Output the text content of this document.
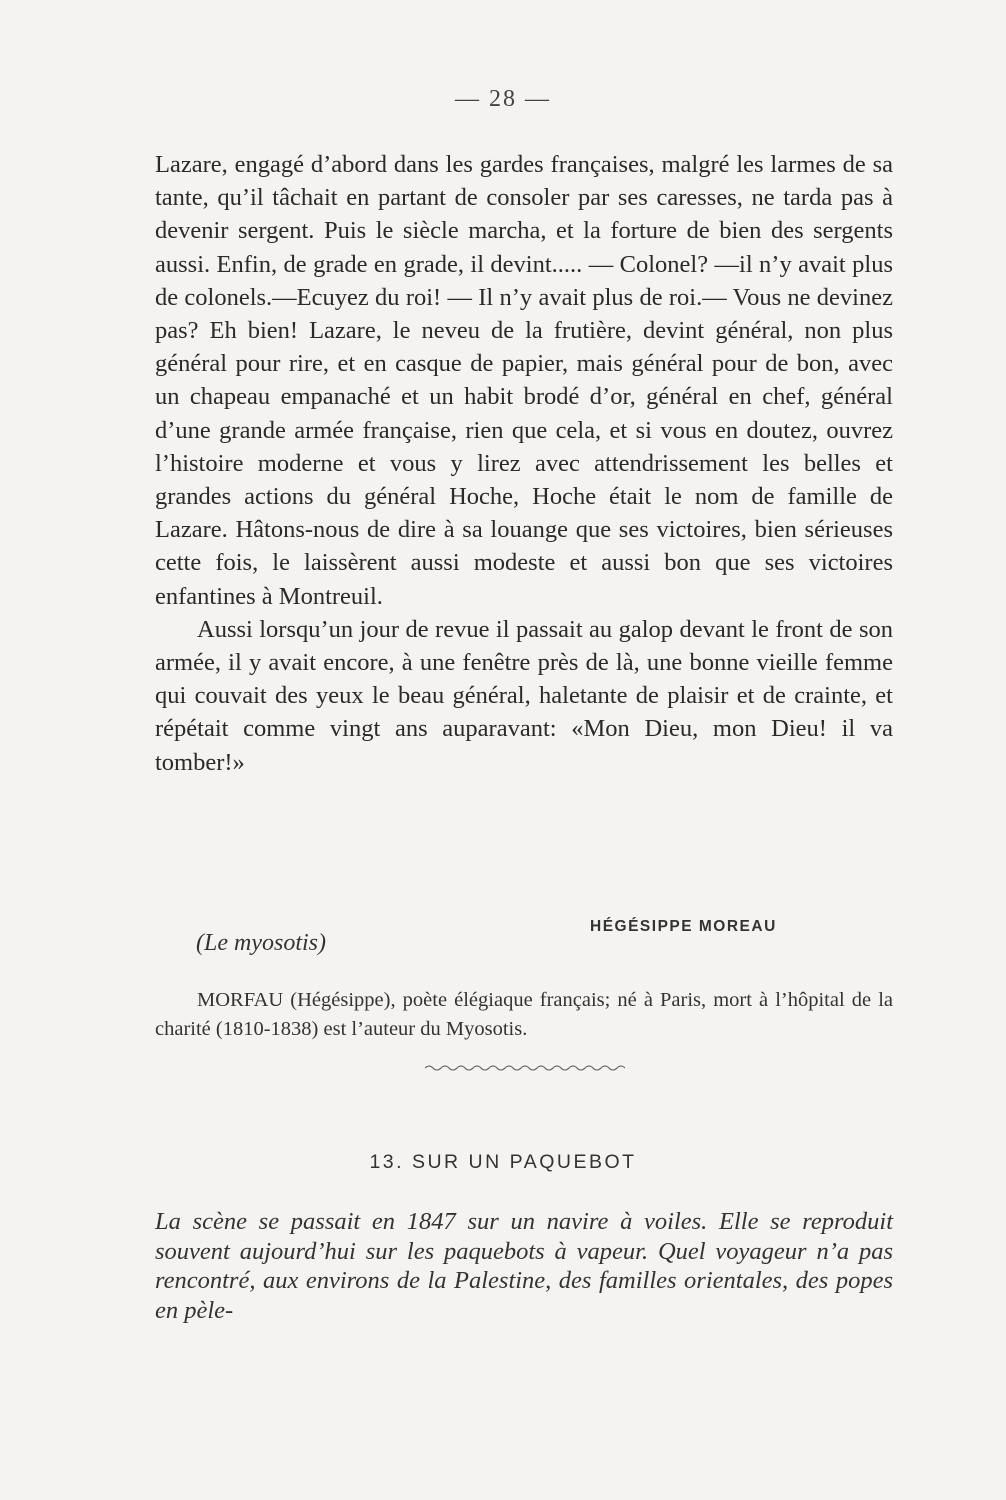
— 28 —

Lazare, engagé d’abord dans les gardes françaises, malgré les larmes de sa tante, qu’il tâchait en partant de consoler par ses caresses, ne tarda pas à devenir sergent. Puis le siècle marcha, et la forture de bien des sergents aussi. Enfin, de grade en grade, il devint..... — Colonel? —il n’y avait plus de colonels.—Ecuyez du roi! — Il n’y avait plus de roi.— Vous ne devinez pas? Eh bien! Lazare, le neveu de la frutière, devint général, non plus général pour rire, et en casque de papier, mais général pour de bon, avec un chapeau empanaché et un habit brodé d’or, général en chef, général d’une grande armée française, rien que cela, et si vous en doutez, ouvrez l’histoire moderne et vous y lirez avec attendrissement les belles et grandes actions du général Hoche, Hoche était le nom de famille de Lazare. Hâtons-nous de dire à sa louange que ses victoires, bien sérieuses cette fois, le laissèrent aussi modeste et aussi bon que ses victoires enfantines à Montreuil.

Aussi lorsqu’un jour de revue il passait au galop devant le front de son armée, il y avait encore, à une fenêtre près de là, une bonne vieille femme qui couvait des yeux le beau général, haletante de plaisir et de crainte, et répétait comme vingt ans auparavant: «Mon Dieu, mon Dieu! il va tomber!»

HÉGÉSIPPE MOREAU
(Le myosotis)

MORFAU (Hégésippe), poète élégiaque français; né à Paris, mort à l’hôpital de la charité (1810-1838) est l’auteur du Myosotis.

13. SUR UN PAQUEBOT

La scène se passait en 1847 sur un navire à voiles. Elle se reproduit souvent aujourd’hui sur les paquebots à vapeur. Quel voyageur n’a pas rencontré, aux environs de la Palestine, des familles orientales, des popes en pèle-
